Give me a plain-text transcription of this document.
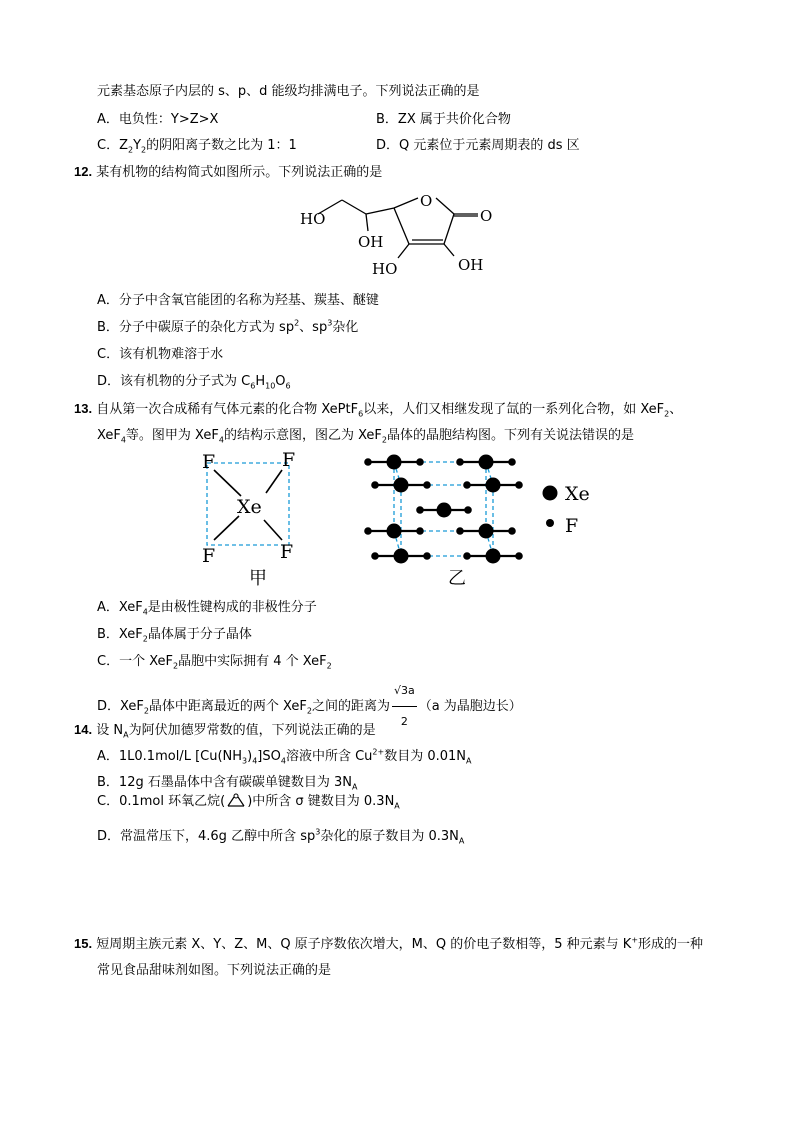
元素基态原子内层的 s、p、d 能级均排满电子。下列说法正确的是
A．电负性：Y>Z>X	B．ZX 属于共价化合物
C．$Z_2Y_2$的阴阳离子数之比为 1：1	D．Q 元素位于元素周期表的 ds 区
12. 某有机物的结构简式如图所示。下列说法正确的是
HO
OH
O
O
HO	OH
A．分子中含氧官能团的名称为羟基、羰基、醚键
B．分子中碳原子的杂化方式为 $sp^2$、$sp^3$杂化
C．该有机物难溶于水
D．该有机物的分子式为 $C_6H_{10}O_6$
13. 自从第一次合成稀有气体元素的化合物 XePtF$_6$以来，人们又相继发现了氙的一系列化合物，如 XeF$_2$、
XeF$_4$等。图甲为 XeF$_4$的结构示意图，图乙为 XeF$_2$晶体的晶胞结构图。下列有关说法错误的是
F	F
Xe
F	F
甲
Xe
F
乙
A．XeF$_4$是由极性键构成的非极性分子
B．XeF$_2$晶体属于分子晶体
C．一个 XeF$_2$晶胞中实际拥有 4 个 XeF$_2$
D．XeF$_2$晶体中距离最近的两个 XeF$_2$之间的距离为 $\frac{√3a}{2} (a$ 为晶胞边长）
14. 设 $N_A$为阿伏加德罗常数的值，下列说法正确的是
A．1L0.1mol/L $[Cu(NH_3)_4]SO_4$溶液中所含 $Cu^{2+}$数目为 $0.01N_A$
B．12g 石墨晶体中含有碳碳单键数目为 $3N_A$
C．0.1mol 环氧乙烷( )中所含 σ 键数目为 $0.3N_A$
D．常温常压下，4.6g 乙醇中所含 $sp^3$杂化的原子数目为 $0.3N_A$
15. 短周期主族元素 X、Y、Z、M、Q 原子序数依次增大，M、Q 的价电子数相等，5 种元素与 K+形成的一种
常见食品甜味剂如图。下列说法正确的是
